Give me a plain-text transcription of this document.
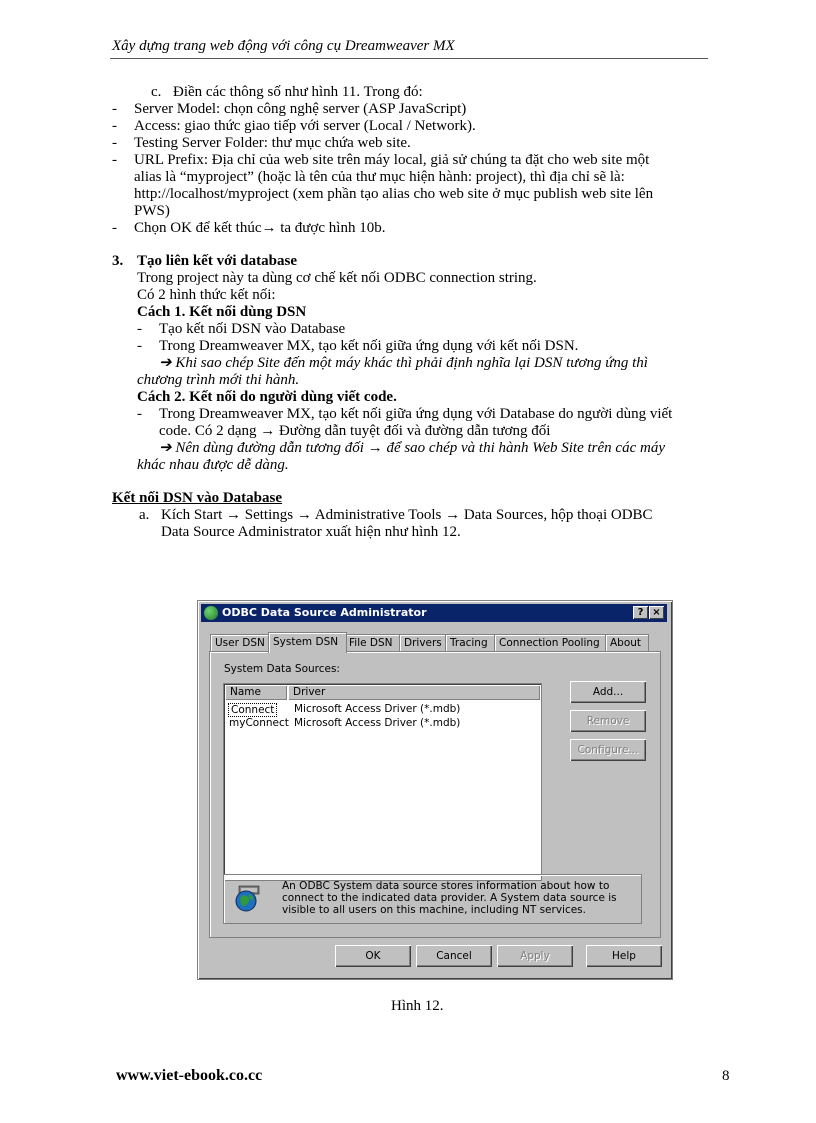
Xây dựng trang web động với công cụ Dreamweaver MX
c. Điền các thông số như hình 11. Trong đó:
- Server Model: chọn công nghệ server (ASP JavaScript)
- Access: giao thức giao tiếp với server (Local / Network).
- Testing Server Folder: thư mục chứa web site.
- URL Prefix: Địa chỉ của web site trên máy local, giả sử chúng ta đặt cho web site một
alias là “myproject” (hoặc là tên của thư mục hiện hành: project), thì địa chỉ sẽ là:
http://localhost/myproject (xem phần tạo alias cho web site ở mục publish web site lên
PWS)
- Chọn OK để kết thúc→ ta được hình 10b.
3. Tạo liên kết với database
Trong project này ta dùng cơ chế kết nối ODBC connection string.
Có 2 hình thức kết nối:
Cách 1. Kết nối dùng DSN
- Tạo kết nối DSN vào Database
- Trong Dreamweaver MX, tạo kết nối giữa ứng dụng với kết nối DSN.
➔ Khi sao chép Site đến một máy khác thì phải định nghĩa lại DSN tương ứng thì
chương trình mới thi hành.
Cách 2. Kết nối do người dùng viết code.
- Trong Dreamweaver MX, tạo kết nối giữa ứng dụng với Database do người dùng viết
code. Có 2 dạng → Đường dẫn tuyệt đối và đường dẫn tương đối
➔ Nên dùng đường dẫn tương đối → để sao chép và thi hành Web Site trên các máy
khác nhau được dễ dàng.
Kết nối DSN vào Database
a. Kích Start → Settings → Administrative Tools → Data Sources, hộp thoại ODBC
Data Source Administrator xuất hiện như hình 12.
ODBC Data Source Administrator	? ×
User DSN System DSN	File DSN	Drivers Tracing	Connection Pooling About
System Data Sources:
Name	Driver
Connect Microsoft Access Driver (*.mdb)
myConnect Microsoft Access Driver (*.mdb)
Add...
Remove
Configure...
An ODBC System data source stores information about how to connect to the indicated data provider. A System data source is visible to all users on this machine, including NT services.
OK	Cancel	Apply	Help
Hình 12.
www.viet-ebook.co.cc	8
